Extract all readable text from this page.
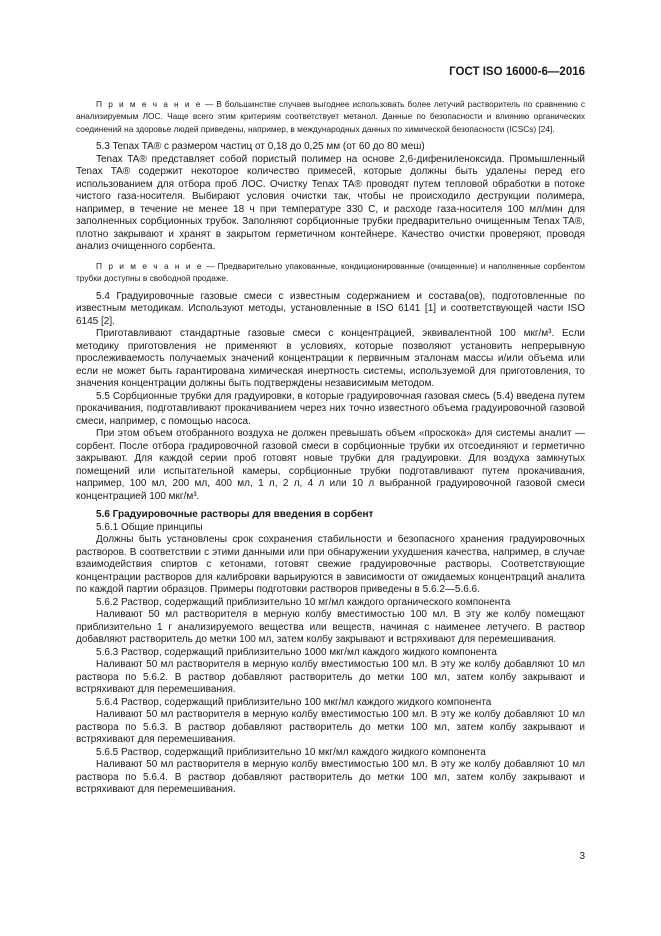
ГОСТ ISO 16000-6—2016

П р и м е ч а н и е — В большинстве случаев выгоднее использовать более летучий растворитель по сравнению с анализируемым ЛОС. Чаще всего этим критериям соответствует метанол. Данные по безопасности и влиянию органических соединений на здоровье людей приведены, например, в международных данных по химической безопасности (ICSCs) [24].

5.3 Tenax TA® с размером частиц от 0,18 до 0,25 мм (от 60 до 80 меш)

Tenax TA® представляет собой пористый полимер на основе 2,6-дифениленоксида. Промышленный Tenax TA® содержит некоторое количество примесей, которые должны быть удалены перед его использованием для отбора проб ЛОС. Очистку Tenax TA® проводят путем тепловой обработки в потоке чистого газа-носителя. Выбирают условия очистки так, чтобы не происходило деструкции полимера, например, в течение не менее 18 ч при температуре 330 С, и расходе газа-носителя 100 мл/мин для заполненных сорбционных трубок. Заполняют сорбционные трубки предварительно очищенным Tenax TA®, плотно закрывают и хранят в закрытом герметичном контейнере. Качество очистки проверяют, проводя анализ очищенного сорбента.

П р и м е ч а н и е — Предварительно упакованные, кондиционированные (очищенные) и наполненные сорбентом трубки доступны в свободной продаже.

5.4 Градуировочные газовые смеси с известным содержанием и состава(ов), подготовленные по известным методикам. Используют методы, установленные в ISO 6141 [1] и соответствующей части ISO 6145 [2].

Приготавливают стандартные газовые смеси с концентрацией, эквивалентной 100 мкг/м³. Если методику приготовления не применяют в условиях, которые позволяют установить непрерывную прослеживаемость получаемых значений концентрации к первичным эталонам массы и/или объема или если не может быть гарантирована химическая инертность системы, используемой для приготовления, то значения концентрации должны быть подтверждены независимым методом.

5.5 Сорбционные трубки для градуировки, в которые градуировочная газовая смесь (5.4) введена путем прокачивания, подготавливают прокачиванием через них точно известного объема градуировочной газовой смеси, например, с помощью насоса.

При этом объем отобранного воздуха не должен превышать объем «проскока» для системы аналит — сорбент. После отбора градировочной газовой смеси в сорбционные трубки их отсоединяют и герметично закрывают. Для каждой серии проб готовят новые трубки для градуировки. Для воздуха замкнутых помещений или испытательной камеры, сорбционные трубки подготавливают путем прокачивания, например, 100 мл, 200 мл, 400 мл, 1 л, 2 л, 4 л или 10 л выбранной градуировочной газовой смеси концентрацией 100 мкг/м³.

5.6 Градуировочные растворы для введения в сорбент

5.6.1 Общие принципы

Должны быть установлены срок сохранения стабильности и безопасного хранения градуировочных растворов. В соответствии с этими данными или при обнаружении ухудшения качества, например, в случае взаимодействия спиртов с кетонами, готовят свежие градуировочные растворы. Соответствующие концентрации растворов для калибровки варьируются в зависимости от ожидаемых концентраций аналита по каждой партии образцов. Примеры подготовки растворов приведены в 5.6.2—5.6.6.

5.6.2 Раствор, содержащий приблизительно 10 мг/мл каждого органического компонента

Наливают 50 мл растворителя в мерную колбу вместимостью 100 мл. В эту же колбу помещают приблизительно 1 г анализируемого вещества или веществ, начиная с наименее летучего. В раствор добавляют растворитель до метки 100 мл, затем колбу закрывают и встряхивают для перемешивания.

5.6.3 Раствор, содержащий приблизительно 1000 мкг/мл каждого жидкого компонента

Наливают 50 мл растворителя в мерную колбу вместимостью 100 мл. В эту же колбу добавляют 10 мл раствора по 5.6.2. В раствор добавляют растворитель до метки 100 мл, затем колбу закрывают и встряхивают для перемешивания.

5.6.4 Раствор, содержащий приблизительно 100 мкг/мл каждого жидкого компонента

Наливают 50 мл растворителя в мерную колбу вместимостью 100 мл. В эту же колбу добавляют 10 мл раствора по 5.6.3. В раствор добавляют растворитель до метки 100 мл, затем колбу закрывают и встряхивают для перемешивания.

5.6.5 Раствор, содержащий приблизительно 10 мкг/мл каждого жидкого компонента

Наливают 50 мл растворителя в мерную колбу вместимостью 100 мл. В эту же колбу добавляют 10 мл раствора по 5.6.4. В раствор добавляют растворитель до метки 100 мл, затем колбу закрывают и встряхивают для перемешивания.

3
